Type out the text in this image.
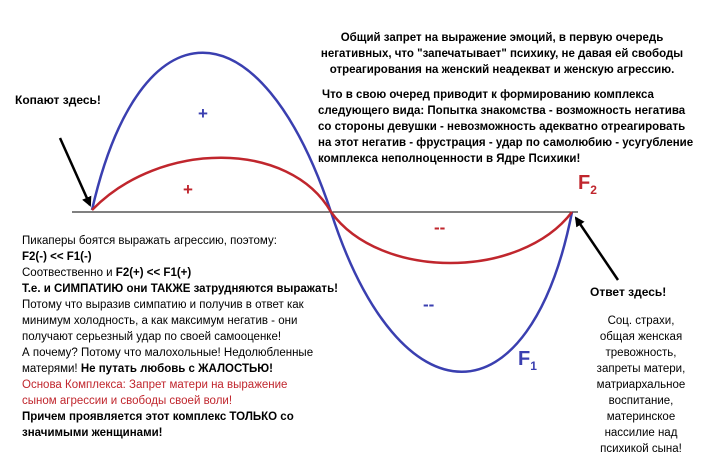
Копают здесь!
+
+
--
--
$F_2$
$F_1$
Ответ здесь!
Общий запрет на выражение эмоций, в первую очередь
негативных, что "запечатывает" психику, не давая ей свободы
отреагирования на женский неадекват и женскую агрессию.
Что в свою очеред приводит к формированию комплекса
следующего вида: Попытка знакомства - возможность негатива
со стороны девушки - невозможность адекватно отреагировать
на этот негатив - фрустрация - удар по самолюбию - усугубление
комплекса неполноценности в Ядре Психики!
Пикаперы боятся выражать агрессию, поэтому:
F2(-) << F1(-)
Соотвественно и F2(+) << F1(+)
Т.е. и СИМПАТИЮ они ТАКЖЕ затрудняются выражать!
Потому что выразив симпатию и получив в ответ как
минимум холодность, а как максимум негатив - они
получают серьезный удар по своей самооценке!
А почему? Потому что малохольные! Недолюбленные
матерями! Не путать любовь с ЖАЛОСТЬЮ!
Основа Комплекса: Запрет матери на выражение
сыном агрессии и свободы своей воли!
Причем проявляется этот комплекс ТОЛЬКО со
значимыми женщинами!
Соц. страхи,
общая женская
тревожность,
запреты матери,
матриархальное
воспитание,
материнское
нассилие над
психикой сына!
